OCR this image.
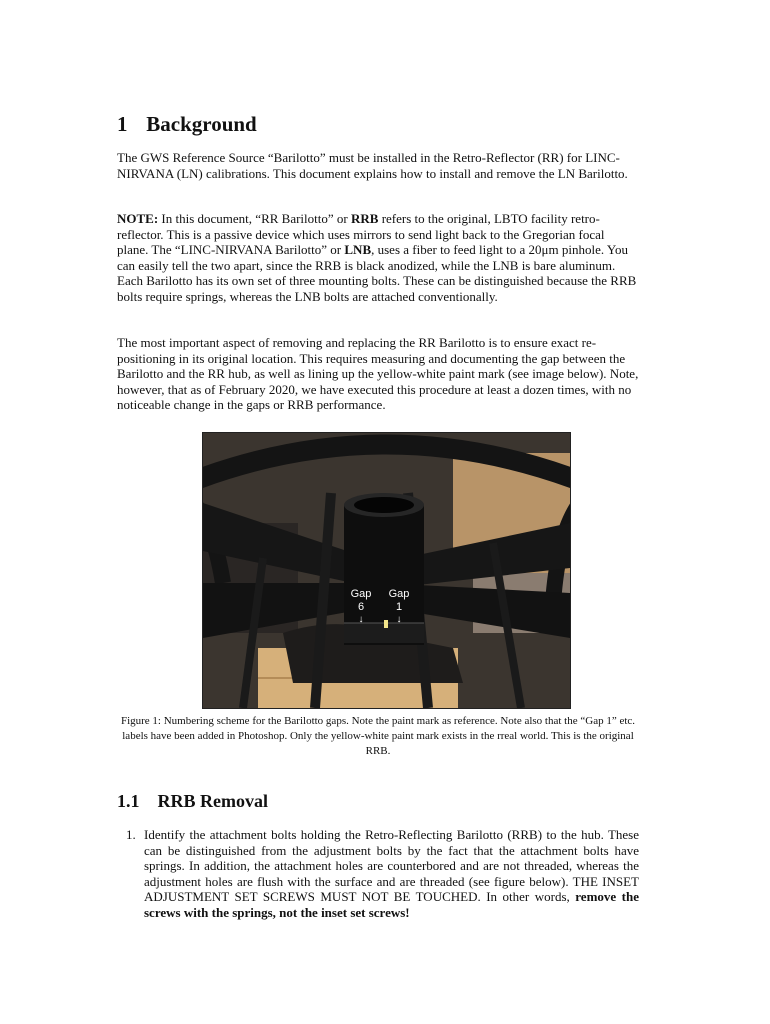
1 Background

The GWS Reference Source “Barilotto” must be installed in the Retro-Reflector (RR) for LINC-NIRVANA (LN) calibrations. This document explains how to install and remove the LN Barilotto.

NOTE: In this document, “RR Barilotto” or RRB refers to the original, LBTO facility retro-reflector. This is a passive device which uses mirrors to send light back to the Gregorian focal plane. The “LINC-NIRVANA Barilotto” or LNB, uses a fiber to feed light to a 20μm pinhole. You can easily tell the two apart, since the RRB is black anodized, while the LNB is bare aluminum. Each Barilotto has its own set of three mounting bolts. These can be distinguished because the RRB bolts require springs, whereas the LNB bolts are attached conventionally.

The most important aspect of removing and replacing the RR Barilotto is to ensure exact re-positioning in its original location. This requires measuring and documenting the gap between the Barilotto and the RR hub, as well as lining up the yellow-white paint mark (see image below). Note, however, that as of February 2020, we have executed this procedure at least a dozen times, with no noticeable change in the gaps or RRB performance.

Gap
6
↓
Gap
1
↓
Figure 1: Numbering scheme for the Barilotto gaps. Note the paint mark as reference. Note also that the “Gap 1” etc. labels have been added in Photoshop. Only the yellow-white paint mark exists in the rreal world. This is the original RRB.
1.1 RRB Removal
1. Identify the attachment bolts holding the Retro-Reflecting Barilotto (RRB) to the hub. These can be distinguished from the adjustment bolts by the fact that the attachment bolts have springs. In addition, the attachment holes are counterbored and are not threaded, whereas the adjustment holes are flush with the surface and are threaded (see figure below). THE INSET ADJUSTMENT SET SCREWS MUST NOT BE TOUCHED. In other words, remove the screws with the springs, not the inset set screws!
